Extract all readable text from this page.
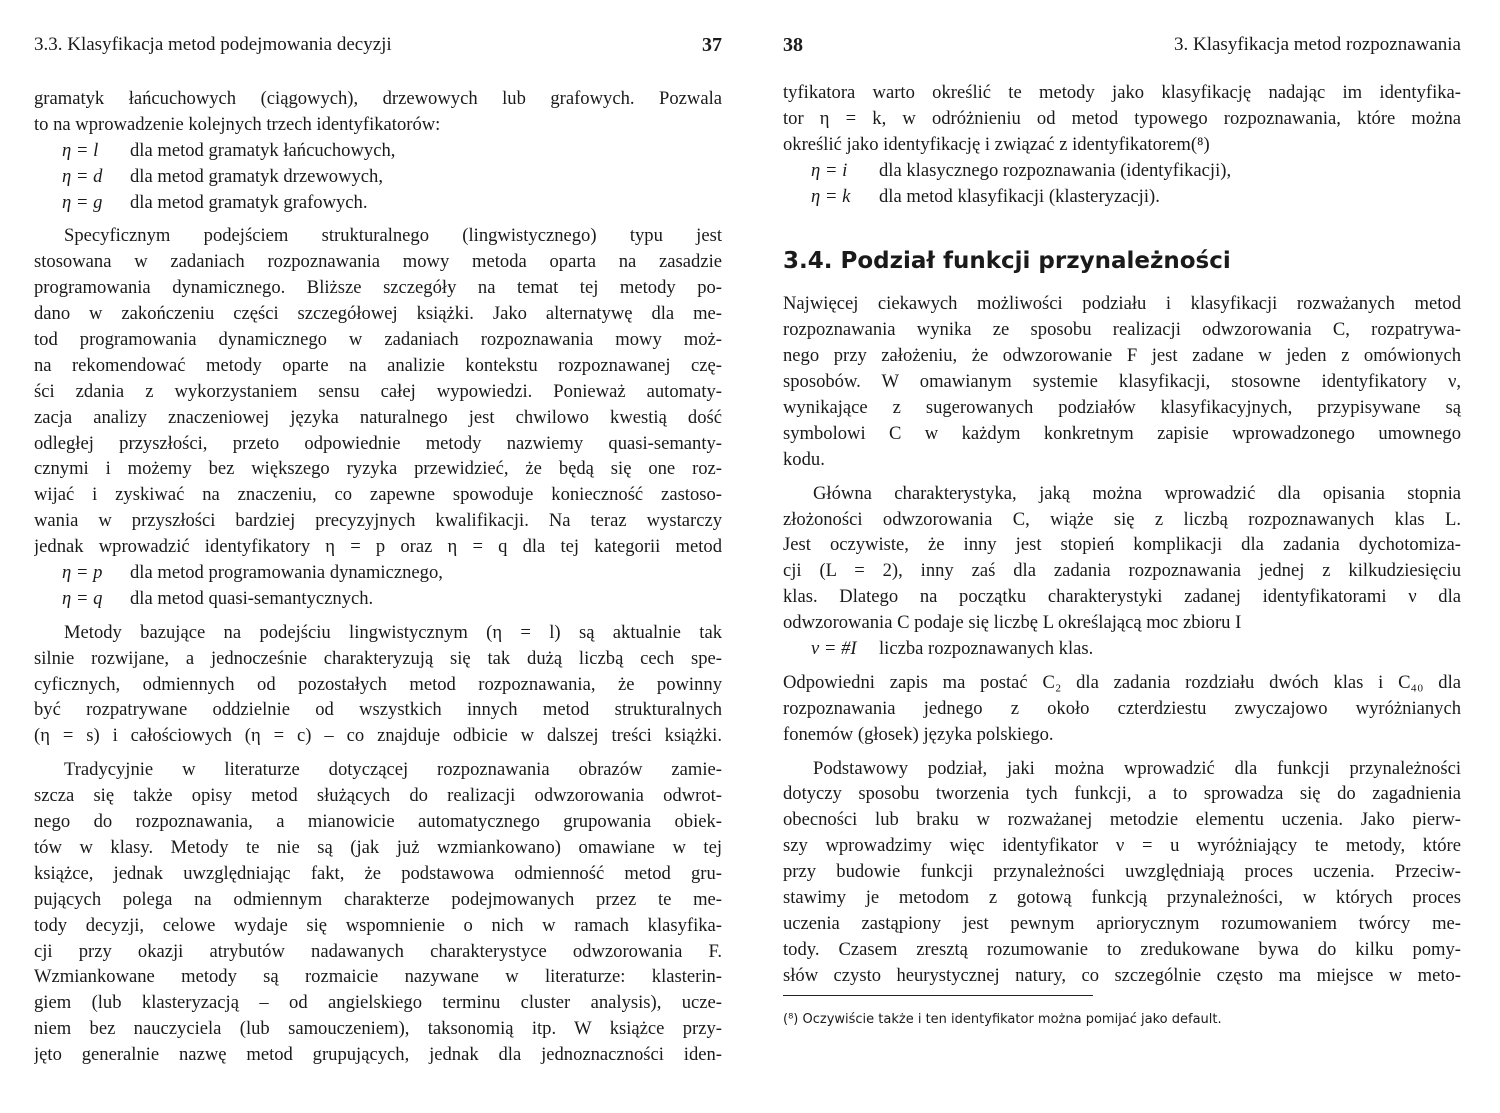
3.3. Klasyfikacja metod podejmowania decyzji	37
gramatyk łańcuchowych (ciągowych), drzewowych lub grafowych. Pozwala
to na wprowadzenie kolejnych trzech identyfikatorów:
η = l dla metod gramatyk łańcuchowych,
η = d dla metod gramatyk drzewowych,
η = g dla metod gramatyk grafowych.
Specyficznym podejściem strukturalnego (lingwistycznego) typu jest
stosowana w zadaniach rozpoznawania mowy metoda oparta na zasadzie
programowania dynamicznego. Bliższe szczegóły na temat tej metody po-
dano w zakończeniu części szczegółowej książki. Jako alternatywę dla me-
tod programowania dynamicznego w zadaniach rozpoznawania mowy moż-
na rekomendować metody oparte na analizie kontekstu rozpoznawanej czę-
ści zdania z wykorzystaniem sensu całej wypowiedzi. Ponieważ automaty-
zacja analizy znaczeniowej języka naturalnego jest chwilowo kwestią dość
odległej przyszłości, przeto odpowiednie metody nazwiemy quasi-semanty-
cznymi i możemy bez większego ryzyka przewidzieć, że będą się one roz-
wijać i zyskiwać na znaczeniu, co zapewne spowoduje konieczność zastoso-
wania w przyszłości bardziej precyzyjnych kwalifikacji. Na teraz wystarczy
jednak wprowadzić identyfikatory η = p oraz η = q dla tej kategorii metod
η = p dla metod programowania dynamicznego,
η = q dla metod quasi-semantycznych.
Metody bazujące na podejściu lingwistycznym (η = l) są aktualnie tak
silnie rozwijane, a jednocześnie charakteryzują się tak dużą liczbą cech spe-
cyficznych, odmiennych od pozostałych metod rozpoznawania, że powinny
być rozpatrywane oddzielnie od wszystkich innych metod strukturalnych
(η = s) i całościowych (η = c) – co znajduje odbicie w dalszej treści książki.
Tradycyjnie w literaturze dotyczącej rozpoznawania obrazów zamie-
szcza się także opisy metod służących do realizacji odwzorowania odwrot-
nego do rozpoznawania, a mianowicie automatycznego grupowania obiek-
tów w klasy. Metody te nie są (jak już wzmiankowano) omawiane w tej
książce, jednak uwzględniając fakt, że podstawowa odmienność metod gru-
pujących polega na odmiennym charakterze podejmowanych przez te me-
tody decyzji, celowe wydaje się wspomnienie o nich w ramach klasyfika-
cji przy okazji atrybutów nadawanych charakterystyce odwzorowania F.
Wzmiankowane metody są rozmaicie nazywane w literaturze: klasterin-
giem (lub klasteryzacją – od angielskiego terminu cluster analysis), ucze-
niem bez nauczyciela (lub samouczeniem), taksonomią itp. W książce przy-
jęto generalnie nazwę metod grupujących, jednak dla jednoznaczności iden-
38	3. Klasyfikacja metod rozpoznawania
tyfikatora warto określić te metody jako klasyfikację nadając im identyfika-
tor η = k, w odróżnieniu od metod typowego rozpoznawania, które można
określić jako identyfikację i związać z identyfikatorem(⁸)
η = i dla klasycznego rozpoznawania (identyfikacji),
η = k dla metod klasyfikacji (klasteryzacji).
3.4. Podział funkcji przynależności
Najwięcej ciekawych możliwości podziału i klasyfikacji rozważanych metod
rozpoznawania wynika ze sposobu realizacji odwzorowania C, rozpatrywa-
nego przy założeniu, że odwzorowanie F jest zadane w jeden z omówionych
sposobów. W omawianym systemie klasyfikacji, stosowne identyfikatory ν,
wynikające z sugerowanych podziałów klasyfikacyjnych, przypisywane są
symbolowi C w każdym konkretnym zapisie wprowadzonego umownego
kodu.
Główna charakterystyka, jaką można wprowadzić dla opisania stopnia
złożoności odwzorowania C, wiąże się z liczbą rozpoznawanych klas L.
Jest oczywiste, że inny jest stopień komplikacji dla zadania dychotomiza-
cji (L = 2), inny zaś dla zadania rozpoznawania jednej z kilkudziesięciu
klas. Dlatego na początku charakterystyki zadanej identyfikatorami ν dla
odwzorowania C podaje się liczbę L określającą moc zbioru I
ν = #I liczba rozpoznawanych klas.
Odpowiedni zapis ma postać C₂ dla zadania rozdziału dwóch klas i C₄₀ dla
rozpoznawania jednego z około czterdziestu zwyczajowo wyróżnianych
fonemów (głosek) języka polskiego.
Podstawowy podział, jaki można wprowadzić dla funkcji przynależności
dotyczy sposobu tworzenia tych funkcji, a to sprowadza się do zagadnienia
obecności lub braku w rozważanej metodzie elementu uczenia. Jako pierw-
szy wprowadzimy więc identyfikator ν = u wyróżniający te metody, które
przy budowie funkcji przynależności uwzględniają proces uczenia. Przeciw-
stawimy je metodom z gotową funkcją przynależności, w których proces
uczenia zastąpiony jest pewnym apriorycznym rozumowaniem twórcy me-
tody. Czasem zresztą rozumowanie to zredukowane bywa do kilku pomy-
słów czysto heurystycznej natury, co szczególnie często ma miejsce w meto-
(⁸) Oczywiście także i ten identyfikator można pomijać jako default.
